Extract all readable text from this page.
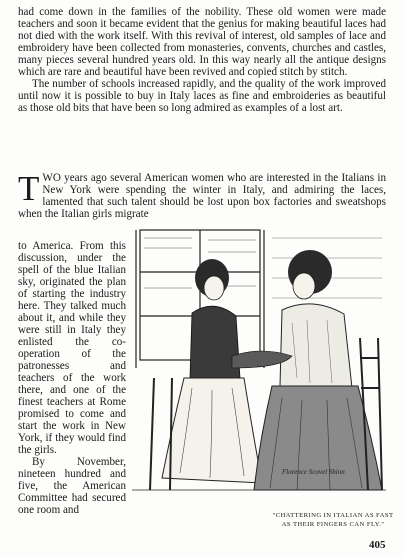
had come down in the families of the nobility. These old women were made teachers and soon it became evident that the genius for making beautiful laces had not died with the work itself. With this revival of interest, old samples of lace and embroidery have been collected from monasteries, convents, churches and castles, many pieces several hundred years old. In this way nearly all the antique designs which are rare and beautiful have been revived and copied stitch by stitch.

The number of schools increased rapidly, and the quality of the work improved until now it is possible to buy in Italy laces as fine and embroideries as beautiful as those old bits that have been so long admired as examples of a lost art.

TWO years ago several American women who are interested in the Italians in New York were spending the winter in Italy, and admiring the laces, lamented that such talent should be lost upon box factories and sweatshops when the Italian girls migrate

to America. From this discussion, under the spell of the blue Italian sky, originated the plan of starting the industry here. They talked much about it, and while they were still in Italy they enlisted the co-operation of the patronesses and teachers of the work there, and one of the finest teachers at Rome promised to come and start the work in New York, if they would find the girls.
By November, nineteen hundred and five, the American Committee had secured one room and
Florence Scovel Shinn
"CHATTERING IN ITALIAN AS FAST AS THEIR FINGERS CAN FLY."
405
